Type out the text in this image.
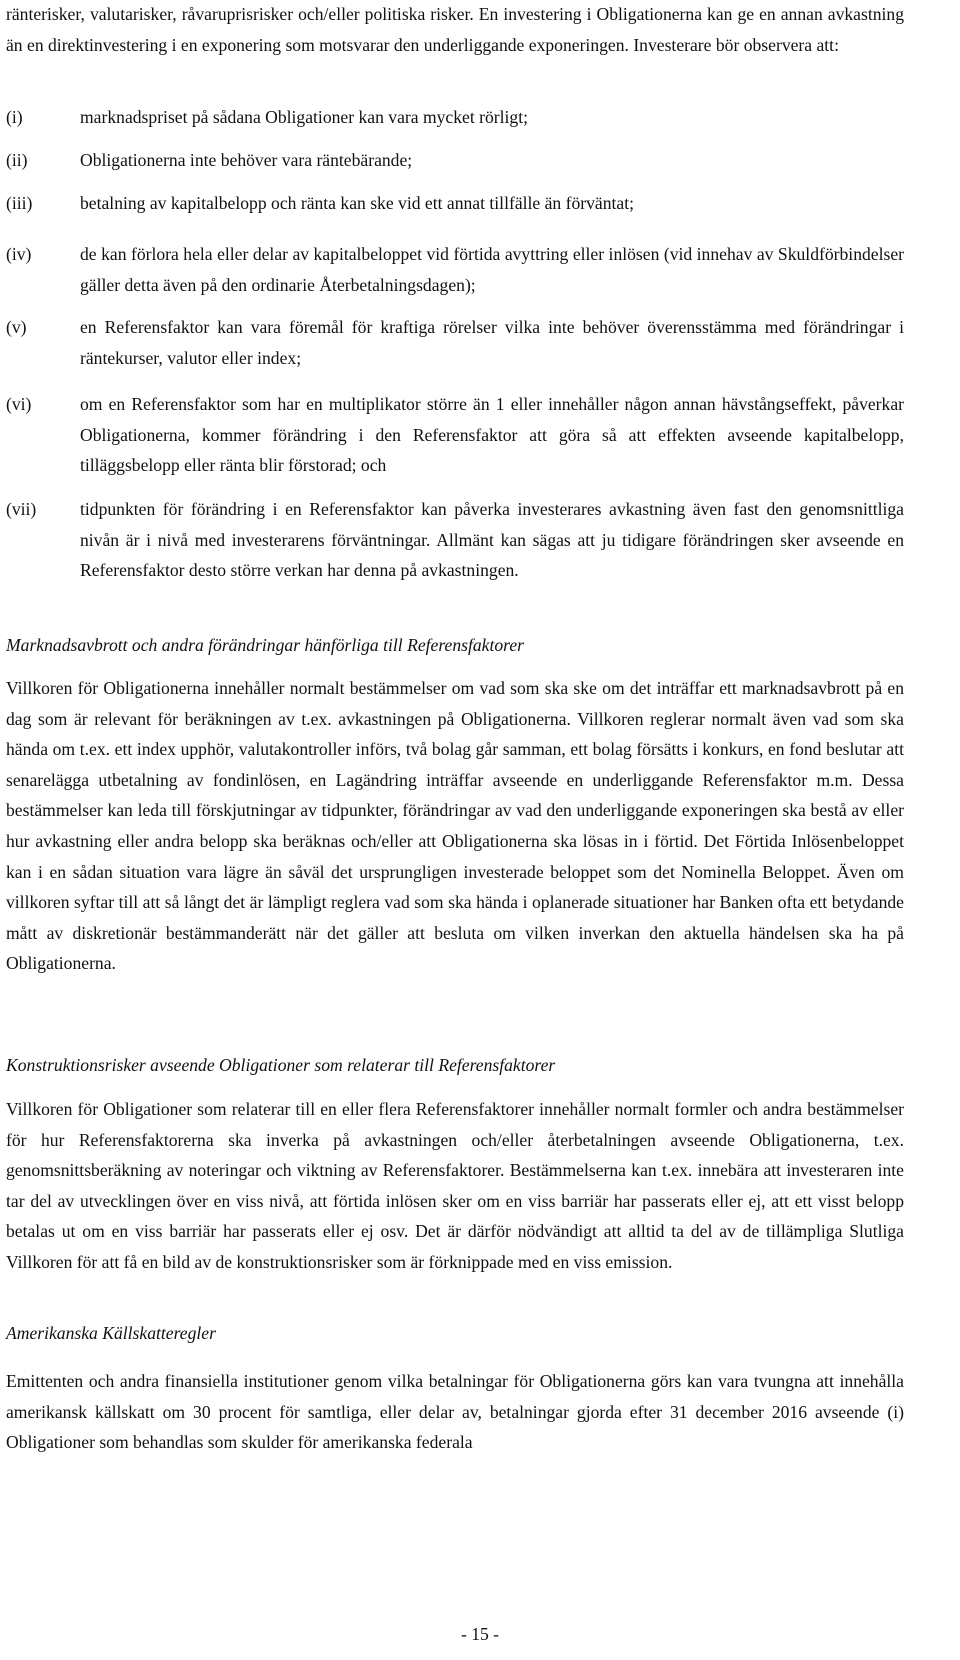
ränterisker, valutarisker, råvaruprisrisker och/eller politiska risker. En investering i Obligationerna kan ge en annan avkastning än en direktinvestering i en exponering som motsvarar den underliggande exponeringen. Investerare bör observera att:

(i)	marknadspriset på sådana Obligationer kan vara mycket rörligt;
(ii)	Obligationerna inte behöver vara räntebärande;
(iii)	betalning av kapitalbelopp och ränta kan ske vid ett annat tillfälle än förväntat;
(iv)	de kan förlora hela eller delar av kapitalbeloppet vid förtida avyttring eller inlösen (vid innehav av Skuldförbindelser gäller detta även på den ordinarie Återbetalningsdagen);
(v)	en Referensfaktor kan vara föremål för kraftiga rörelser vilka inte behöver överensstämma med förändringar i räntekurser, valutor eller index;
(vi)	om en Referensfaktor som har en multiplikator större än 1 eller innehåller någon annan hävstångseffekt, påverkar Obligationerna, kommer förändring i den Referensfaktor att göra så att effekten avseende kapitalbelopp, tilläggsbelopp eller ränta blir förstorad; och
(vii) tidpunkten för förändring i en Referensfaktor kan påverka investerares avkastning även fast den genomsnittliga nivån är i nivå med investerarens förväntningar. Allmänt kan sägas att ju tidigare förändringen sker avseende en Referensfaktor desto större verkan har denna på avkastningen.
Marknadsavbrott och andra förändringar hänförliga till Referensfaktorer

Villkoren för Obligationerna innehåller normalt bestämmelser om vad som ska ske om det inträffar ett marknadsavbrott på en dag som är relevant för beräkningen av t.ex. avkastningen på Obligationerna. Villkoren reglerar normalt även vad som ska hända om t.ex. ett index upphör, valutakontroller införs, två bolag går samman, ett bolag försätts i konkurs, en fond beslutar att senarelägga utbetalning av fondinlösen, en Lagändring inträffar avseende en underliggande Referensfaktor m.m. Dessa bestämmelser kan leda till förskjutningar av tidpunkter, förändringar av vad den underliggande exponeringen ska bestå av eller hur avkastning eller andra belopp ska beräknas och/eller att Obligationerna ska lösas in i förtid. Det Förtida Inlösenbeloppet kan i en sådan situation vara lägre än såväl det ursprungligen investerade beloppet som det Nominella Beloppet. Även om villkoren syftar till att så långt det är lämpligt reglera vad som ska hända i oplanerade situationer har Banken ofta ett betydande mått av diskretionär bestämmanderätt när det gäller att besluta om vilken inverkan den aktuella händelsen ska ha på Obligationerna.

Konstruktionsrisker avseende Obligationer som relaterar till Referensfaktorer

Villkoren för Obligationer som relaterar till en eller flera Referensfaktorer innehåller normalt formler och andra bestämmelser för hur Referensfaktorerna ska inverka på avkastningen och/eller återbetalningen avseende Obligationerna, t.ex. genomsnittsberäkning av noteringar och viktning av Referensfaktorer. Bestämmelserna kan t.ex. innebära att investeraren inte tar del av utvecklingen över en viss nivå, att förtida inlösen sker om en viss barriär har passerats eller ej, att ett visst belopp betalas ut om en viss barriär har passerats eller ej osv. Det är därför nödvändigt att alltid ta del av de tillämpliga Slutliga Villkoren för att få en bild av de konstruktionsrisker som är förknippade med en viss emission.

Amerikanska Källskatteregler

Emittenten och andra finansiella institutioner genom vilka betalningar för Obligationerna görs kan vara tvungna att innehålla amerikansk källskatt om 30 procent för samtliga, eller delar av, betalningar gjorda efter 31 december 2016 avseende (i) Obligationer som behandlas som skulder för amerikanska federala

- 15 -
